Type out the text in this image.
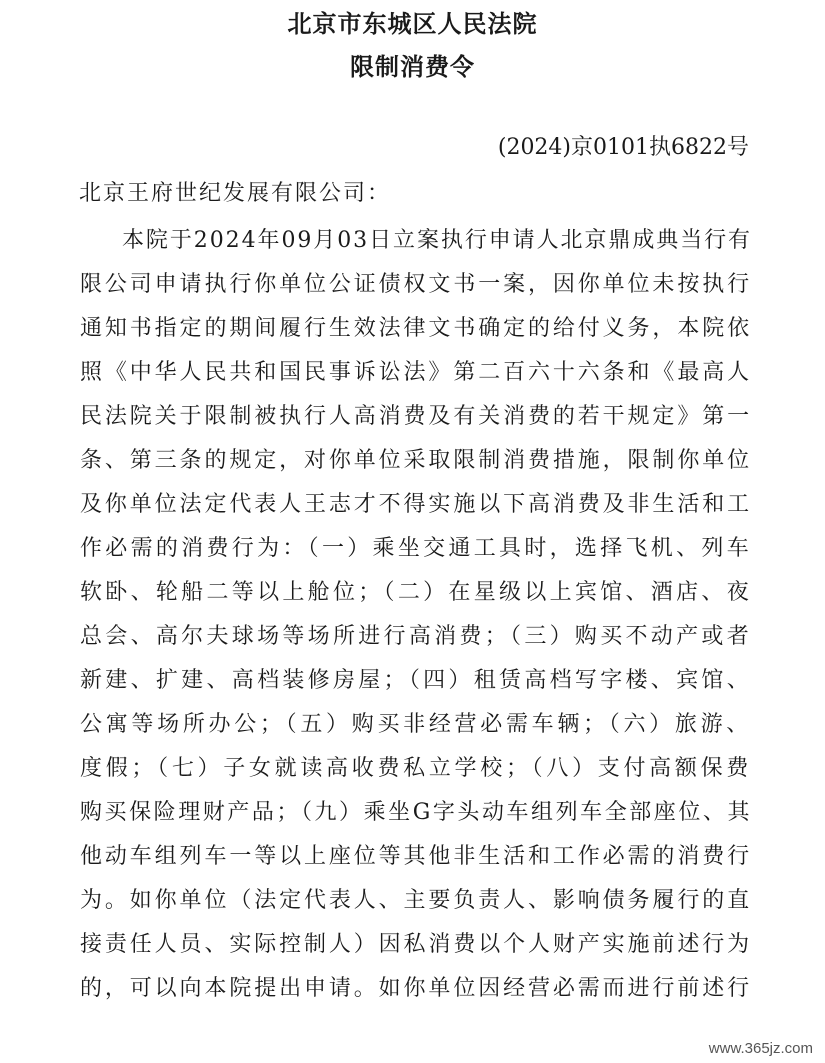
北京市东城区人民法院
限制消费令
(2024)京0101执6822号
北京王府世纪发展有限公司：
本院于2024年09月03日立案执行申请人北京鼎成典当行有
限公司申请执行你单位公证债权文书一案，因你单位未按执行
通知书指定的期间履行生效法律文书确定的给付义务，本院依
照《中华人民共和国民事诉讼法》第二百六十六条和《最高人
民法院关于限制被执行人高消费及有关消费的若干规定》第一
条、第三条的规定，对你单位采取限制消费措施，限制你单位
及你单位法定代表人王志才不得实施以下高消费及非生活和工
作必需的消费行为：（一）乘坐交通工具时，选择飞机、列车
软卧、轮船二等以上舱位；（二）在星级以上宾馆、酒店、夜
总会、高尔夫球场等场所进行高消费；（三）购买不动产或者
新建、扩建、高档装修房屋；（四）租赁高档写字楼、宾馆、
公寓等场所办公；（五）购买非经营必需车辆；（六）旅游、
度假；（七）子女就读高收费私立学校；（八）支付高额保费
购买保险理财产品；（九）乘坐G字头动车组列车全部座位、其
他动车组列车一等以上座位等其他非生活和工作必需的消费行
为。如你单位（法定代表人、主要负责人、影响债务履行的直
接责任人员、实际控制人）因私消费以个人财产实施前述行为
的，可以向本院提出申请。如你单位因经营必需而进行前述行
www.365jz.com
